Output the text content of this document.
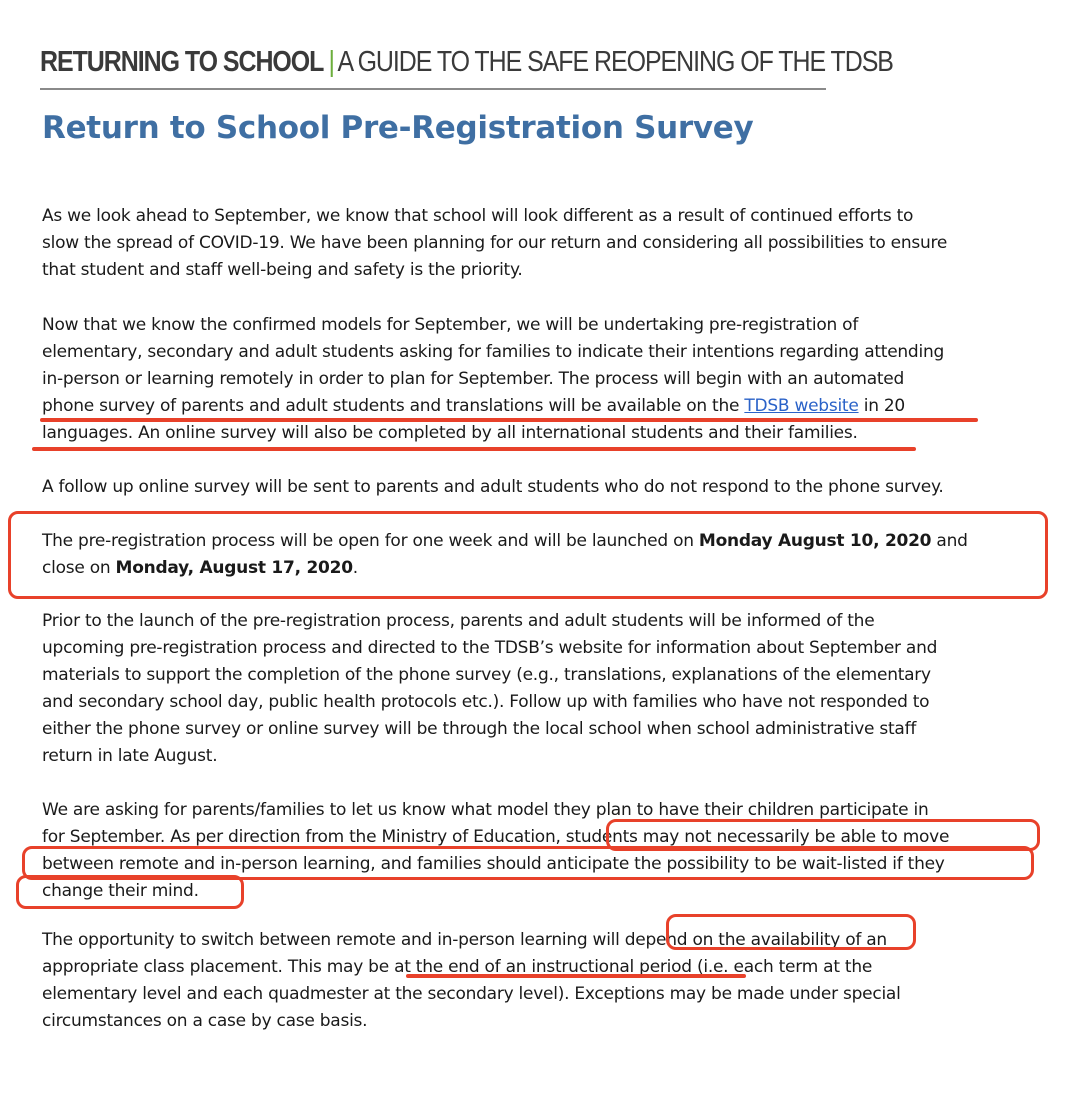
RETURNING TO SCHOOL | A GUIDE TO THE SAFE REOPENING OF THE TDSB
Return to School Pre-Registration Survey

As we look ahead to September, we know that school will look different as a result of continued efforts to
slow the spread of COVID-19. We have been planning for our return and considering all possibilities to ensure
that student and staff well-being and safety is the priority.

Now that we know the confirmed models for September, we will be undertaking pre-registration of
elementary, secondary and adult students asking for families to indicate their intentions regarding attending
in-person or learning remotely in order to plan for September. The process will begin with an automated
phone survey of parents and adult students and translations will be available on the TDSB website in 20
languages. An online survey will also be completed by all international students and their families.

A follow up online survey will be sent to parents and adult students who do not respond to the phone survey.

The pre-registration process will be open for one week and will be launched on Monday August 10, 2020 and
close on Monday, August 17, 2020.

Prior to the launch of the pre-registration process, parents and adult students will be informed of the
upcoming pre-registration process and directed to the TDSB’s website for information about September and
materials to support the completion of the phone survey (e.g., translations, explanations of the elementary
and secondary school day, public health protocols etc.). Follow up with families who have not responded to
either the phone survey or online survey will be through the local school when school administrative staff
return in late August.

We are asking for parents/families to let us know what model they plan to have their children participate in
for September. As per direction from the Ministry of Education, students may not necessarily be able to move
between remote and in-person learning, and families should anticipate the possibility to be wait-listed if they
change their mind.

The opportunity to switch between remote and in-person learning will depend on the availability of an
appropriate class placement. This may be at the end of an instructional period (i.e. each term at the
elementary level and each quadmester at the secondary level). Exceptions may be made under special
circumstances on a case by case basis.
